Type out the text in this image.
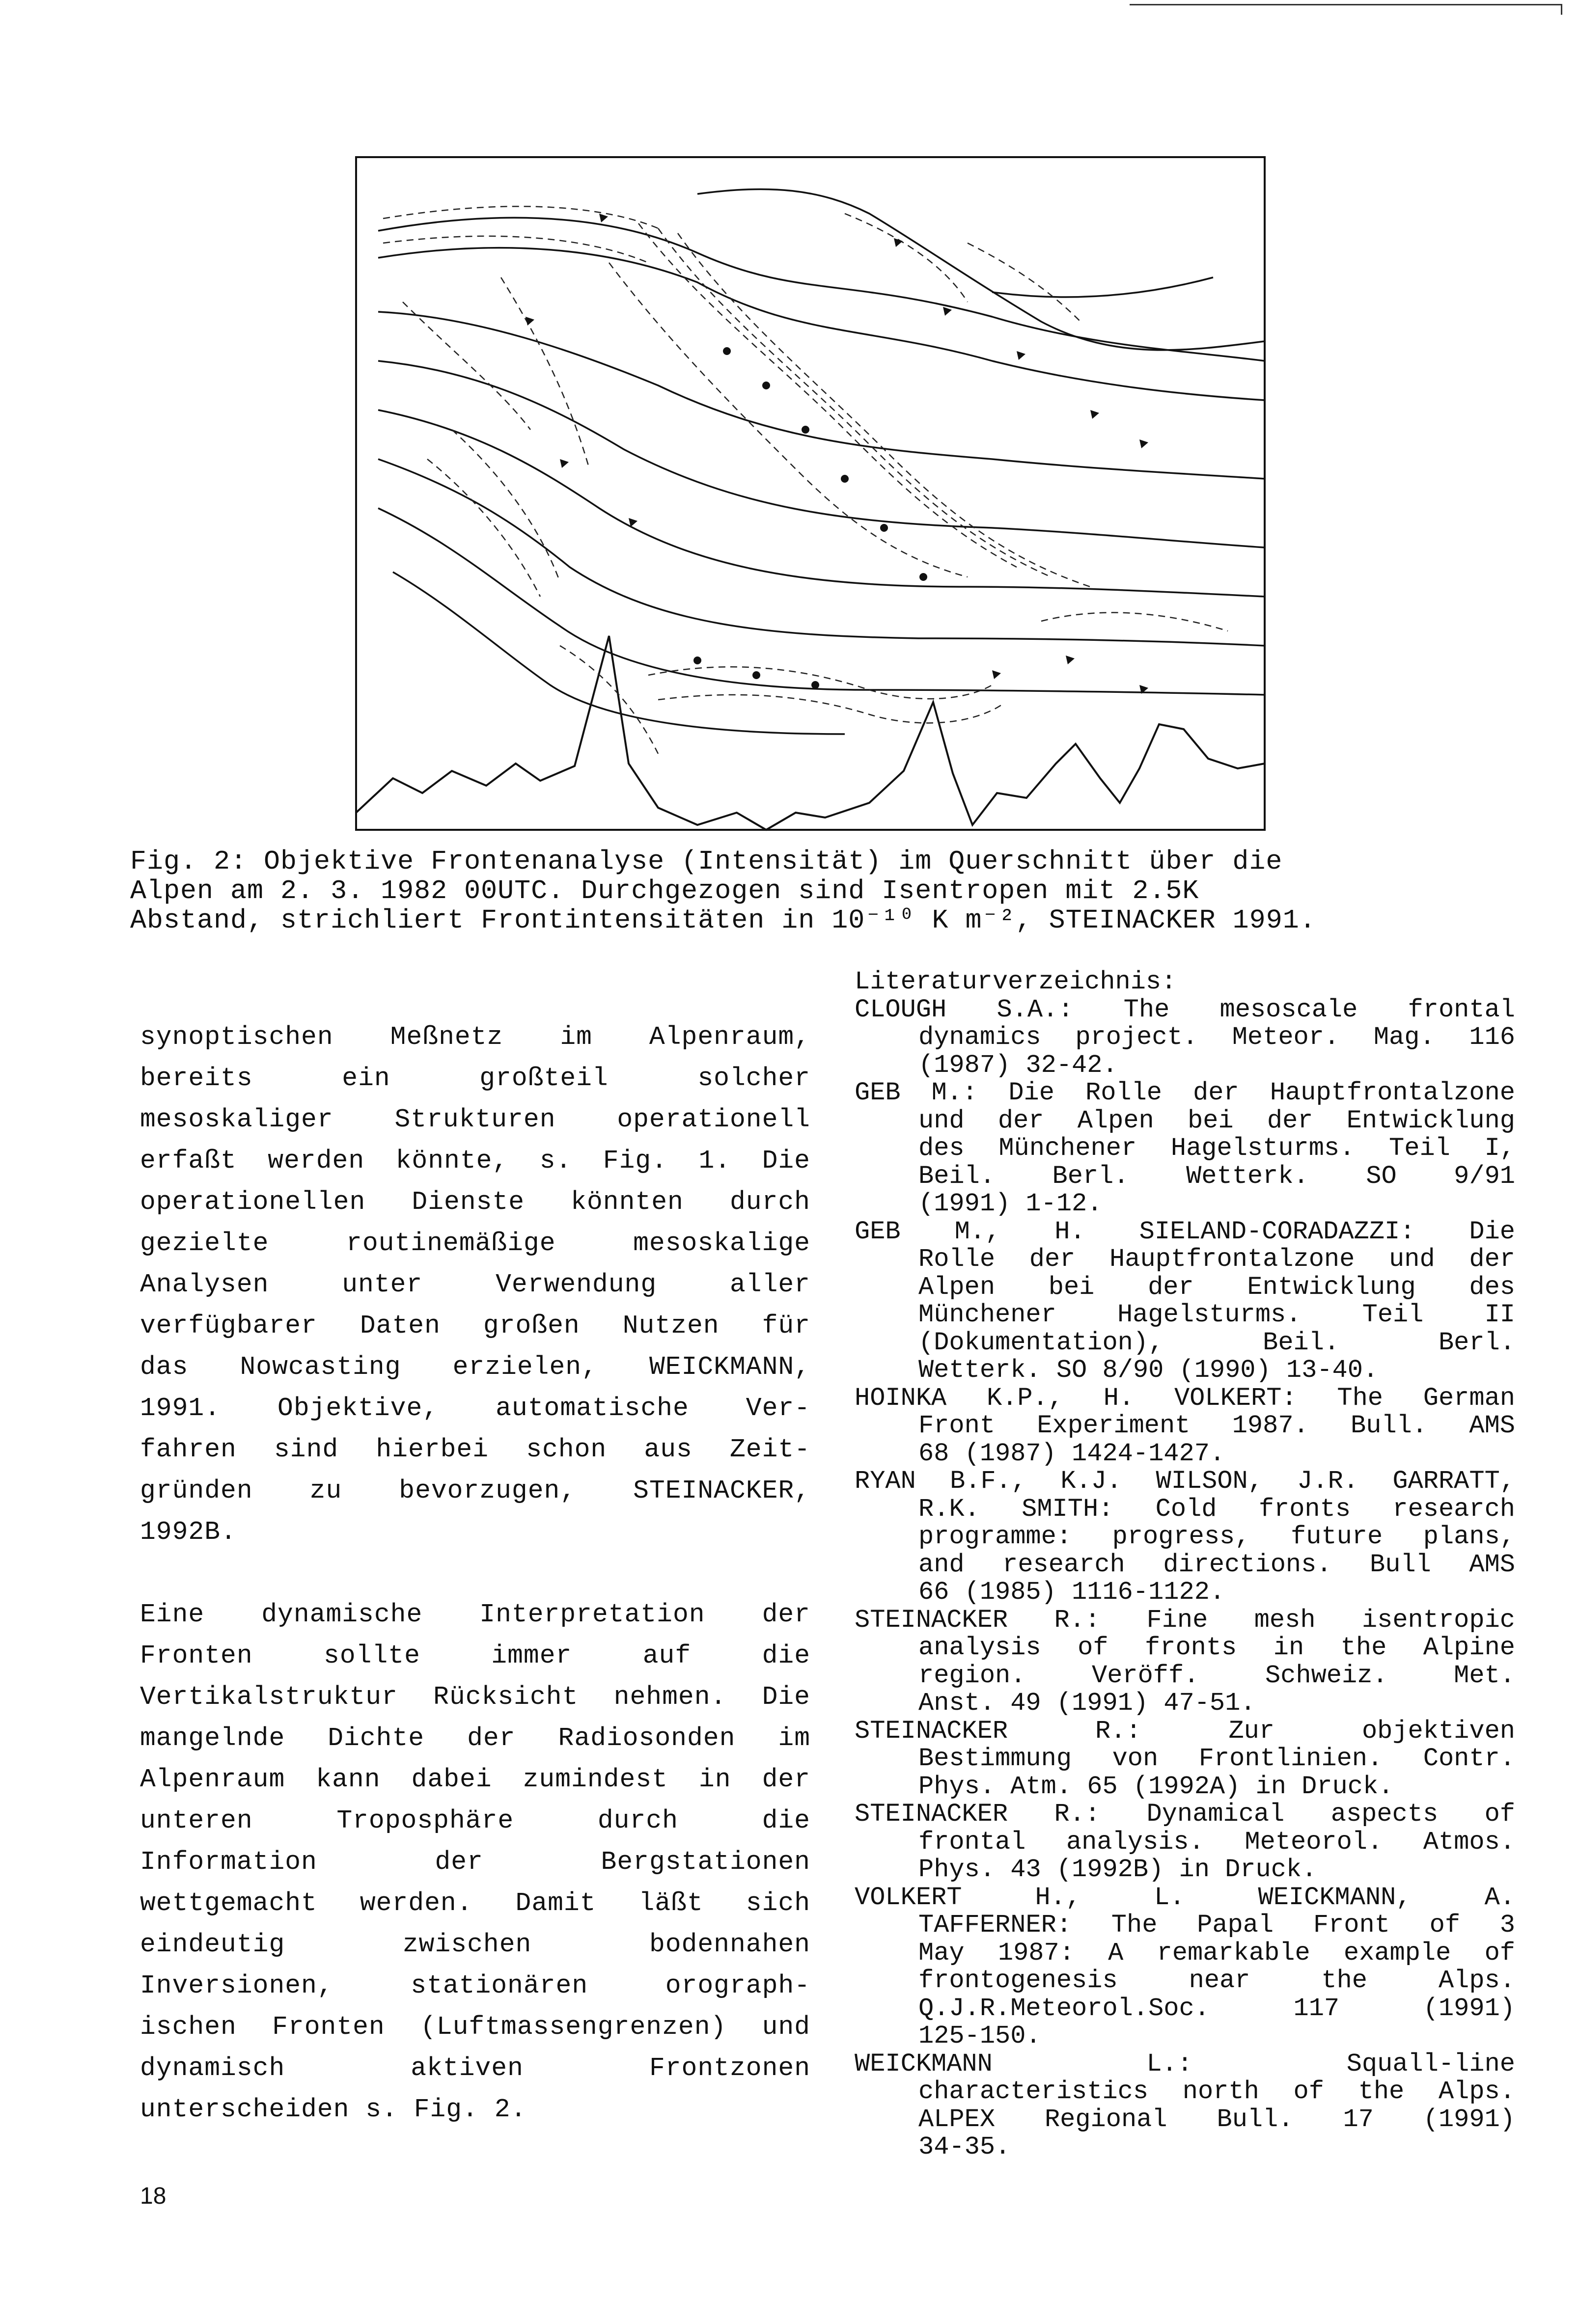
Fig. 2: Objektive Frontenanalyse (Intensität) im Querschnitt über die

Alpen am 2. 3. 1982 00UTC. Durchgezogen sind Isentropen mit 2.5K

Abstand, strichliert Frontintensitäten in 10⁻¹⁰ K m⁻², STEINACKER 1991.

synoptischen Meßnetz im Alpenraum,

bereits ein großteil solcher

mesoskaliger Strukturen operationell

erfaßt werden könnte, s. Fig. 1. Die

operationellen Dienste könnten durch

gezielte routinemäßige mesoskalige

Analysen unter Verwendung aller

verfügbarer Daten großen Nutzen für

das Nowcasting erzielen, WEICKMANN,

1991. Objektive, automatische Ver-

fahren sind hierbei schon aus Zeit-

gründen zu bevorzugen, STEINACKER,

1992B.

Eine dynamische Interpretation der

Fronten sollte immer auf die

Vertikalstruktur Rücksicht nehmen. Die

mangelnde Dichte der Radiosonden im

Alpenraum kann dabei zumindest in der

unteren Troposphäre durch die

Information der Bergstationen

wettgemacht werden. Damit läßt sich

eindeutig zwischen bodennahen

Inversionen, stationären orograph-

ischen Fronten (Luftmassengrenzen) und

dynamisch aktiven Frontzonen

unterscheiden s. Fig. 2.

Literaturverzeichnis:

CLOUGH S.A.: The mesoscale frontal

dynamics project. Meteor. Mag. 116

(1987) 32-42.

GEB M.: Die Rolle der Hauptfrontalzone

und der Alpen bei der Entwicklung

des Münchener Hagelsturms. Teil I,

Beil. Berl. Wetterk. SO 9/91

(1991) 1-12.

GEB M., H. SIELAND-CORADAZZI: Die

Rolle der Hauptfrontalzone und der

Alpen bei der Entwicklung des

Münchener Hagelsturms. Teil II

(Dokumentation), Beil. Berl.

Wetterk. SO 8/90 (1990) 13-40.

HOINKA K.P., H. VOLKERT: The German

Front Experiment 1987. Bull. AMS

68 (1987) 1424-1427.

RYAN B.F., K.J. WILSON, J.R. GARRATT,

R.K. SMITH: Cold fronts research

programme: progress, future plans,

and research directions. Bull AMS

66 (1985) 1116-1122.

STEINACKER R.: Fine mesh isentropic

analysis of fronts in the Alpine

region. Veröff. Schweiz. Met.

Anst. 49 (1991) 47-51.

STEINACKER R.: Zur objektiven

Bestimmung von Frontlinien. Contr.

Phys. Atm. 65 (1992A) in Druck.

STEINACKER R.: Dynamical aspects of

frontal analysis. Meteorol. Atmos.

Phys. 43 (1992B) in Druck.

VOLKERT H., L. WEICKMANN, A.

TAFFERNER: The Papal Front of 3

May 1987: A remarkable example of

frontogenesis near the Alps.

Q.J.R.Meteorol.Soc. 117 (1991)

125-150.

WEICKMANN L.: Squall-line

characteristics north of the Alps.

ALPEX Regional Bull. 17 (1991)

34-35.

18
